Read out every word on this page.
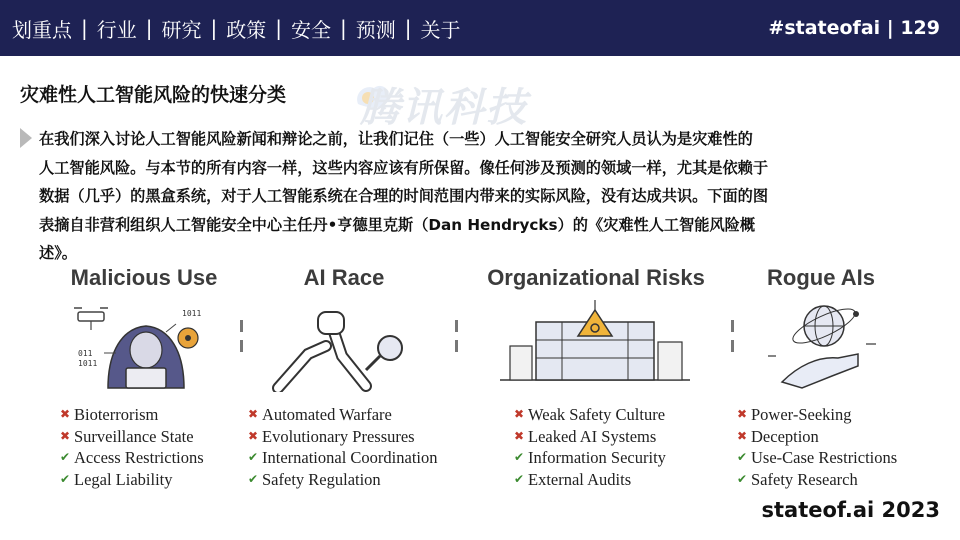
划重点 | 行业 | 研究 | 政策 | 安全 | 预测 | 关于	#stateofai | 129
腾讯科技
灾难性人工智能风险的快速分类
在我们深入讨论人工智能风险新闻和辩论之前，让我们记住（一些）人工智能安全研究人员认为是灾难性的
人工智能风险。与本节的所有内容一样，这些内容应该有所保留。像任何涉及预测的领域一样，尤其是依赖于
数据（几乎）的黑盒系统，对于人工智能系统在合理的时间范围内带来的实际风险，没有达成共识。下面的图
表摘自非营利组织人工智能安全中心主任丹•亨德里克斯（Dan Hendrycks）的《灾难性人工智能风险概
述》。
Malicious Use	AI Race	Organizational Risks	Rogue AIs
1011
011
1011
✖ Bioterrorism
✖ Surveillance State
✔ Access Restrictions
✔ Legal Liability
✖ Automated Warfare
✖ Evolutionary Pressures
✔ International Coordination
✔ Safety Regulation
✖ Weak Safety Culture
✖ Leaked AI Systems
✔ Information Security
✔ External Audits
✖ Power-Seeking
✖ Deception
✔ Use-Case Restrictions
✔ Safety Research
stateof.ai 2023
